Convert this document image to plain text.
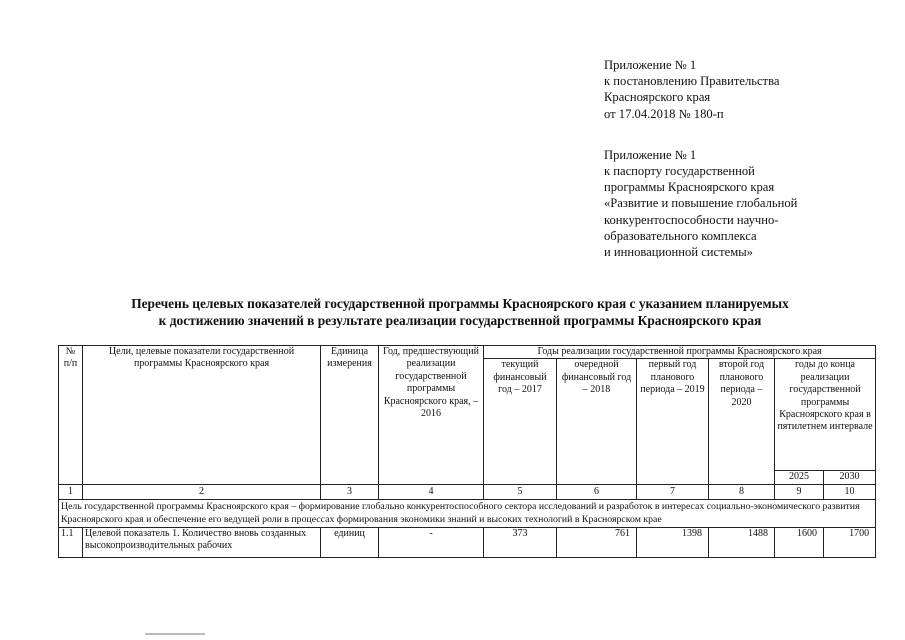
Приложение № 1
к постановлению Правительства
Красноярского края
от 17.04.2018 № 180-п
Приложение № 1
к паспорту государственной
программы Красноярского края
«Развитие и повышение глобальной
конкурентоспособности научно-
образовательного комплекса
и инновационной системы»
Перечень целевых показателей государственной программы Красноярского края с указанием планируемых
к достижению значений в результате реализации государственной программы Красноярского края
№ п/п	Цели, целевые показатели государственной программы Красноярского края	Единица измерения	Год, предшествующий реализации государственной программы Красноярского края, – 2016	Годы реализации государственной программы Красноярского края					
				текущий финансовый год – 2017	очередной финансовый год – 2018	первый год планового периода – 2019	второй год планового периода – 2020	годы до конца реализации государственной программы Красноярского края в пятилетнем интервале	
								2025	2030
1	2	3	4	5	6	7	8	9	10
Цель государственной программы Красноярского края – формирование глобально конкурентоспособного сектора исследований и разработок в интересах социально-экономического развития Красноярского края и обеспечение его ведущей роли в процессах формирования экономики знаний и высоких технологий в Красноярском крае									
1.1	Целевой показатель 1. Количество вновь созданных высокопроизводительных рабочих	единиц	-	373	761	1398	1488	1600	1700
